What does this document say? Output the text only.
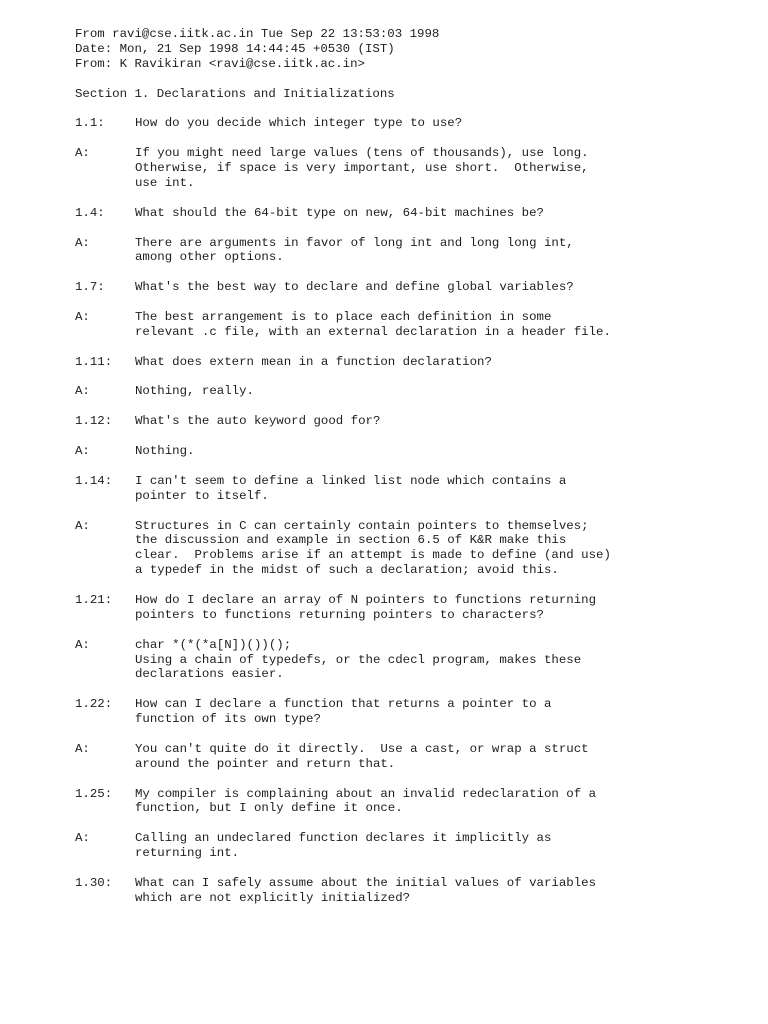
From ravi@cse.iitk.ac.in Tue Sep 22 13:53:03 1998
Date: Mon, 21 Sep 1998 14:44:45 +0530 (IST)
From: K Ravikiran <ravi@cse.iitk.ac.in>
Section 1. Declarations and Initializations
1.1:	How do you decide which integer type to use?
A:	If you might need large values (tens of thousands), use long.
Otherwise, if space is very important, use short.  Otherwise,
use int.
1.4:	What should the 64-bit type on new, 64-bit machines be?
A:	There are arguments in favor of long int and long long int,
among other options.
1.7:	What's the best way to declare and define global variables?
A:	The best arrangement is to place each definition in some
relevant .c file, with an external declaration in a header file.
1.11:	What does extern mean in a function declaration?
A:	Nothing, really.
1.12:	What's the auto keyword good for?
A:	Nothing.
1.14:	I can't seem to define a linked list node which contains a
pointer to itself.
A:	Structures in C can certainly contain pointers to themselves;
the discussion and example in section 6.5 of K&R make this
clear.  Problems arise if an attempt is made to define (and use)
a typedef in the midst of such a declaration; avoid this.
1.21:	How do I declare an array of N pointers to functions returning
pointers to functions returning pointers to characters?
A:	char *(*(*a[N])())();
Using a chain of typedefs, or the cdecl program, makes these
declarations easier.
1.22:	How can I declare a function that returns a pointer to a
function of its own type?
A:	You can't quite do it directly.  Use a cast, or wrap a struct
around the pointer and return that.
1.25:	My compiler is complaining about an invalid redeclaration of a
function, but I only define it once.
A:	Calling an undeclared function declares it implicitly as
returning int.
1.30:	What can I safely assume about the initial values of variables
which are not explicitly initialized?
